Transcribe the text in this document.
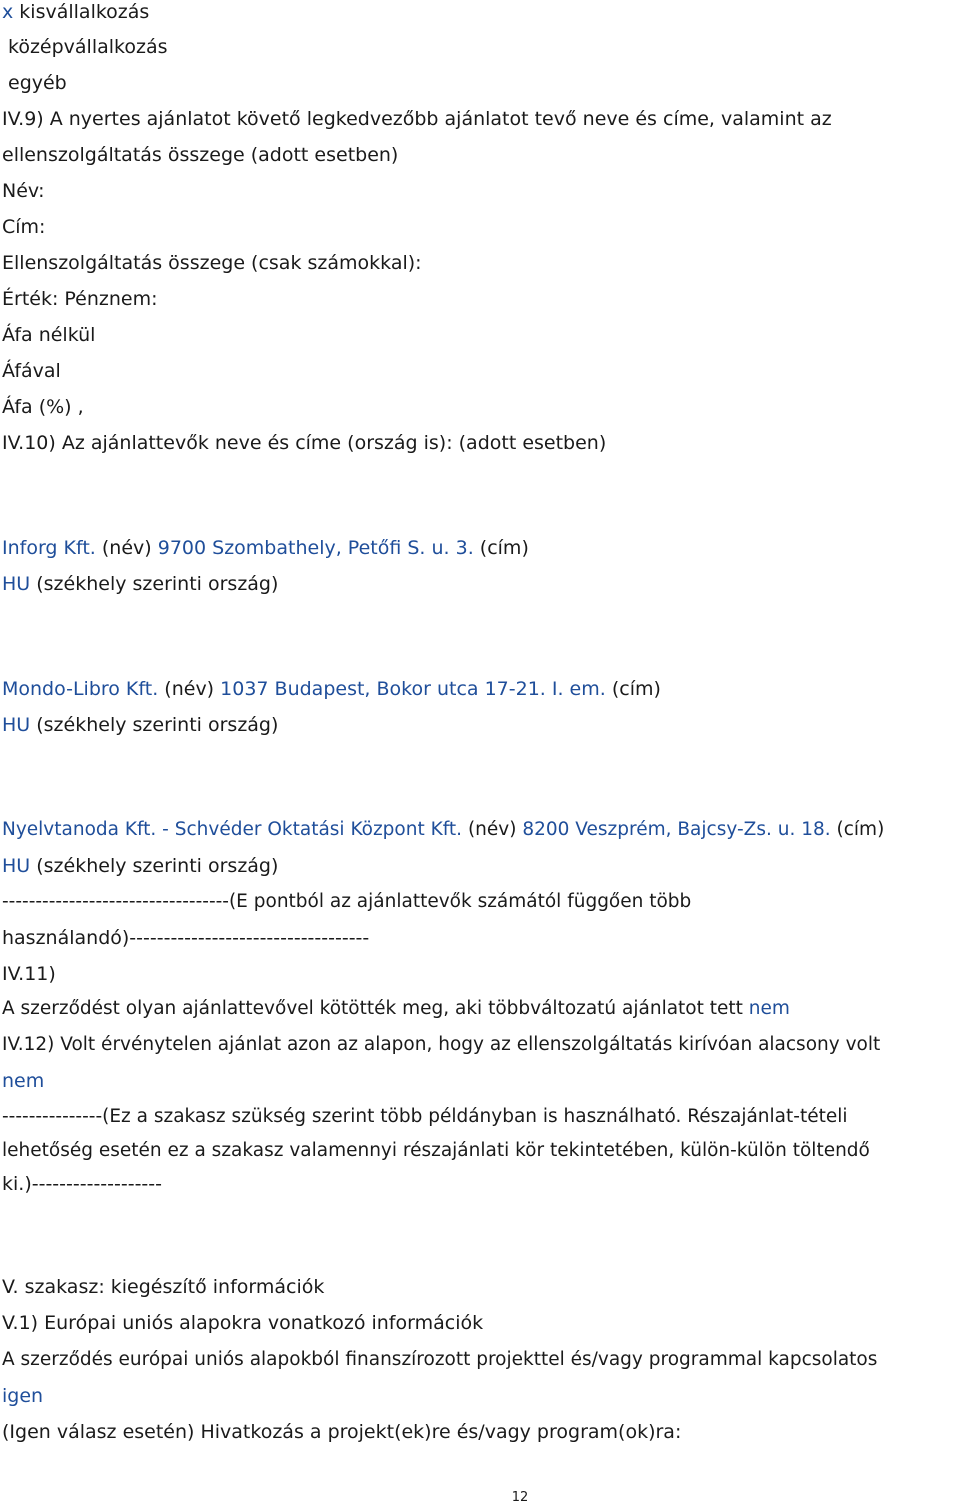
x kisvállalkozás
középvállalkozás
egyéb
IV.9) A nyertes ajánlatot követő legkedvezőbb ajánlatot tevő neve és címe, valamint az
ellenszolgáltatás összege (adott esetben)
Név:
Cím:
Ellenszolgáltatás összege (csak számokkal):
Érték: Pénznem:
Áfa nélkül
Áfával
Áfa (%) ,
IV.10) Az ajánlattevők neve és címe (ország is): (adott esetben)
Inforg Kft. (név) 9700 Szombathely, Petőfi S. u. 3. (cím)
HU (székhely szerinti ország)
Mondo-Libro Kft. (név) 1037 Budapest, Bokor utca 17-21. I. em. (cím)
HU (székhely szerinti ország)
Nyelvtanoda Kft. - Schvéder Oktatási Központ Kft. (név) 8200 Veszprém, Bajcsy-Zs. u. 18. (cím)
HU (székhely szerinti ország)
----------------------------------(E pontból az ajánlattevők számától függően több
használandó)-----------------------------------
IV.11)
A szerződést olyan ajánlattevővel kötötték meg, aki többváltozatú ajánlatot tett nem
IV.12) Volt érvénytelen ajánlat azon az alapon, hogy az ellenszolgáltatás kirívóan alacsony volt
nem
---------------(Ez a szakasz szükség szerint több példányban is használható. Részajánlat-tételi
lehetőség esetén ez a szakasz valamennyi részajánlati kör tekintetében, külön-külön töltendő
ki.)-------------------
V. szakasz: kiegészítő információk
V.1) Európai uniós alapokra vonatkozó információk
A szerződés európai uniós alapokból finanszírozott projekttel és/vagy programmal kapcsolatos
igen
(Igen válasz esetén) Hivatkozás a projekt(ek)re és/vagy program(ok)ra:
12
